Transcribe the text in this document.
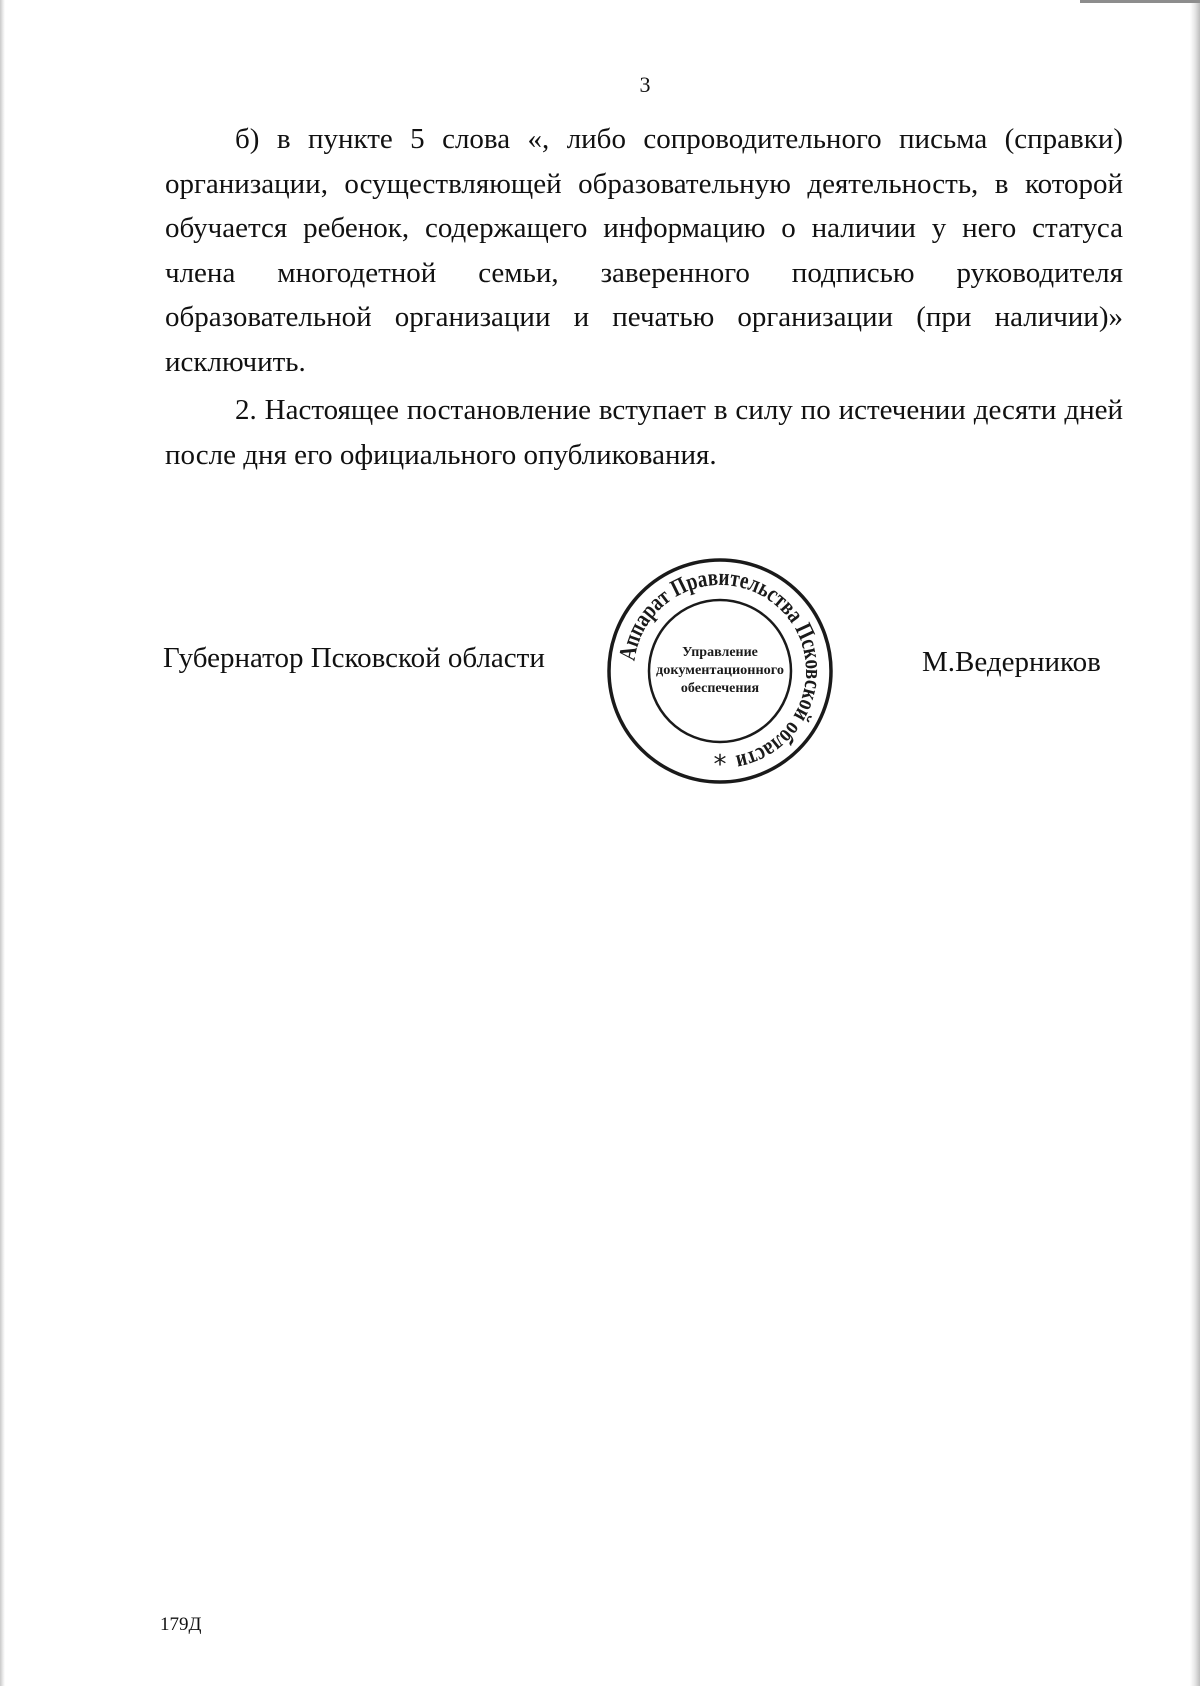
3

б) в пункте 5 слова «, либо сопроводительного письма (справки) организации, осуществляющей образовательную деятельность, в которой обучается ребенок, содержащего информацию о наличии у него статуса члена многодетной семьи, заверенного подписью руководителя образовательной организации и печатью организации (при наличии)» исключить.

2. Настоящее постановление вступает в силу по истечении десяти дней после дня его официального опубликования.

Губернатор Псковской области	Аппарат Правительства Псковской области
Управление
документационного
обеспечения
*
М.Ведерников
179Д
